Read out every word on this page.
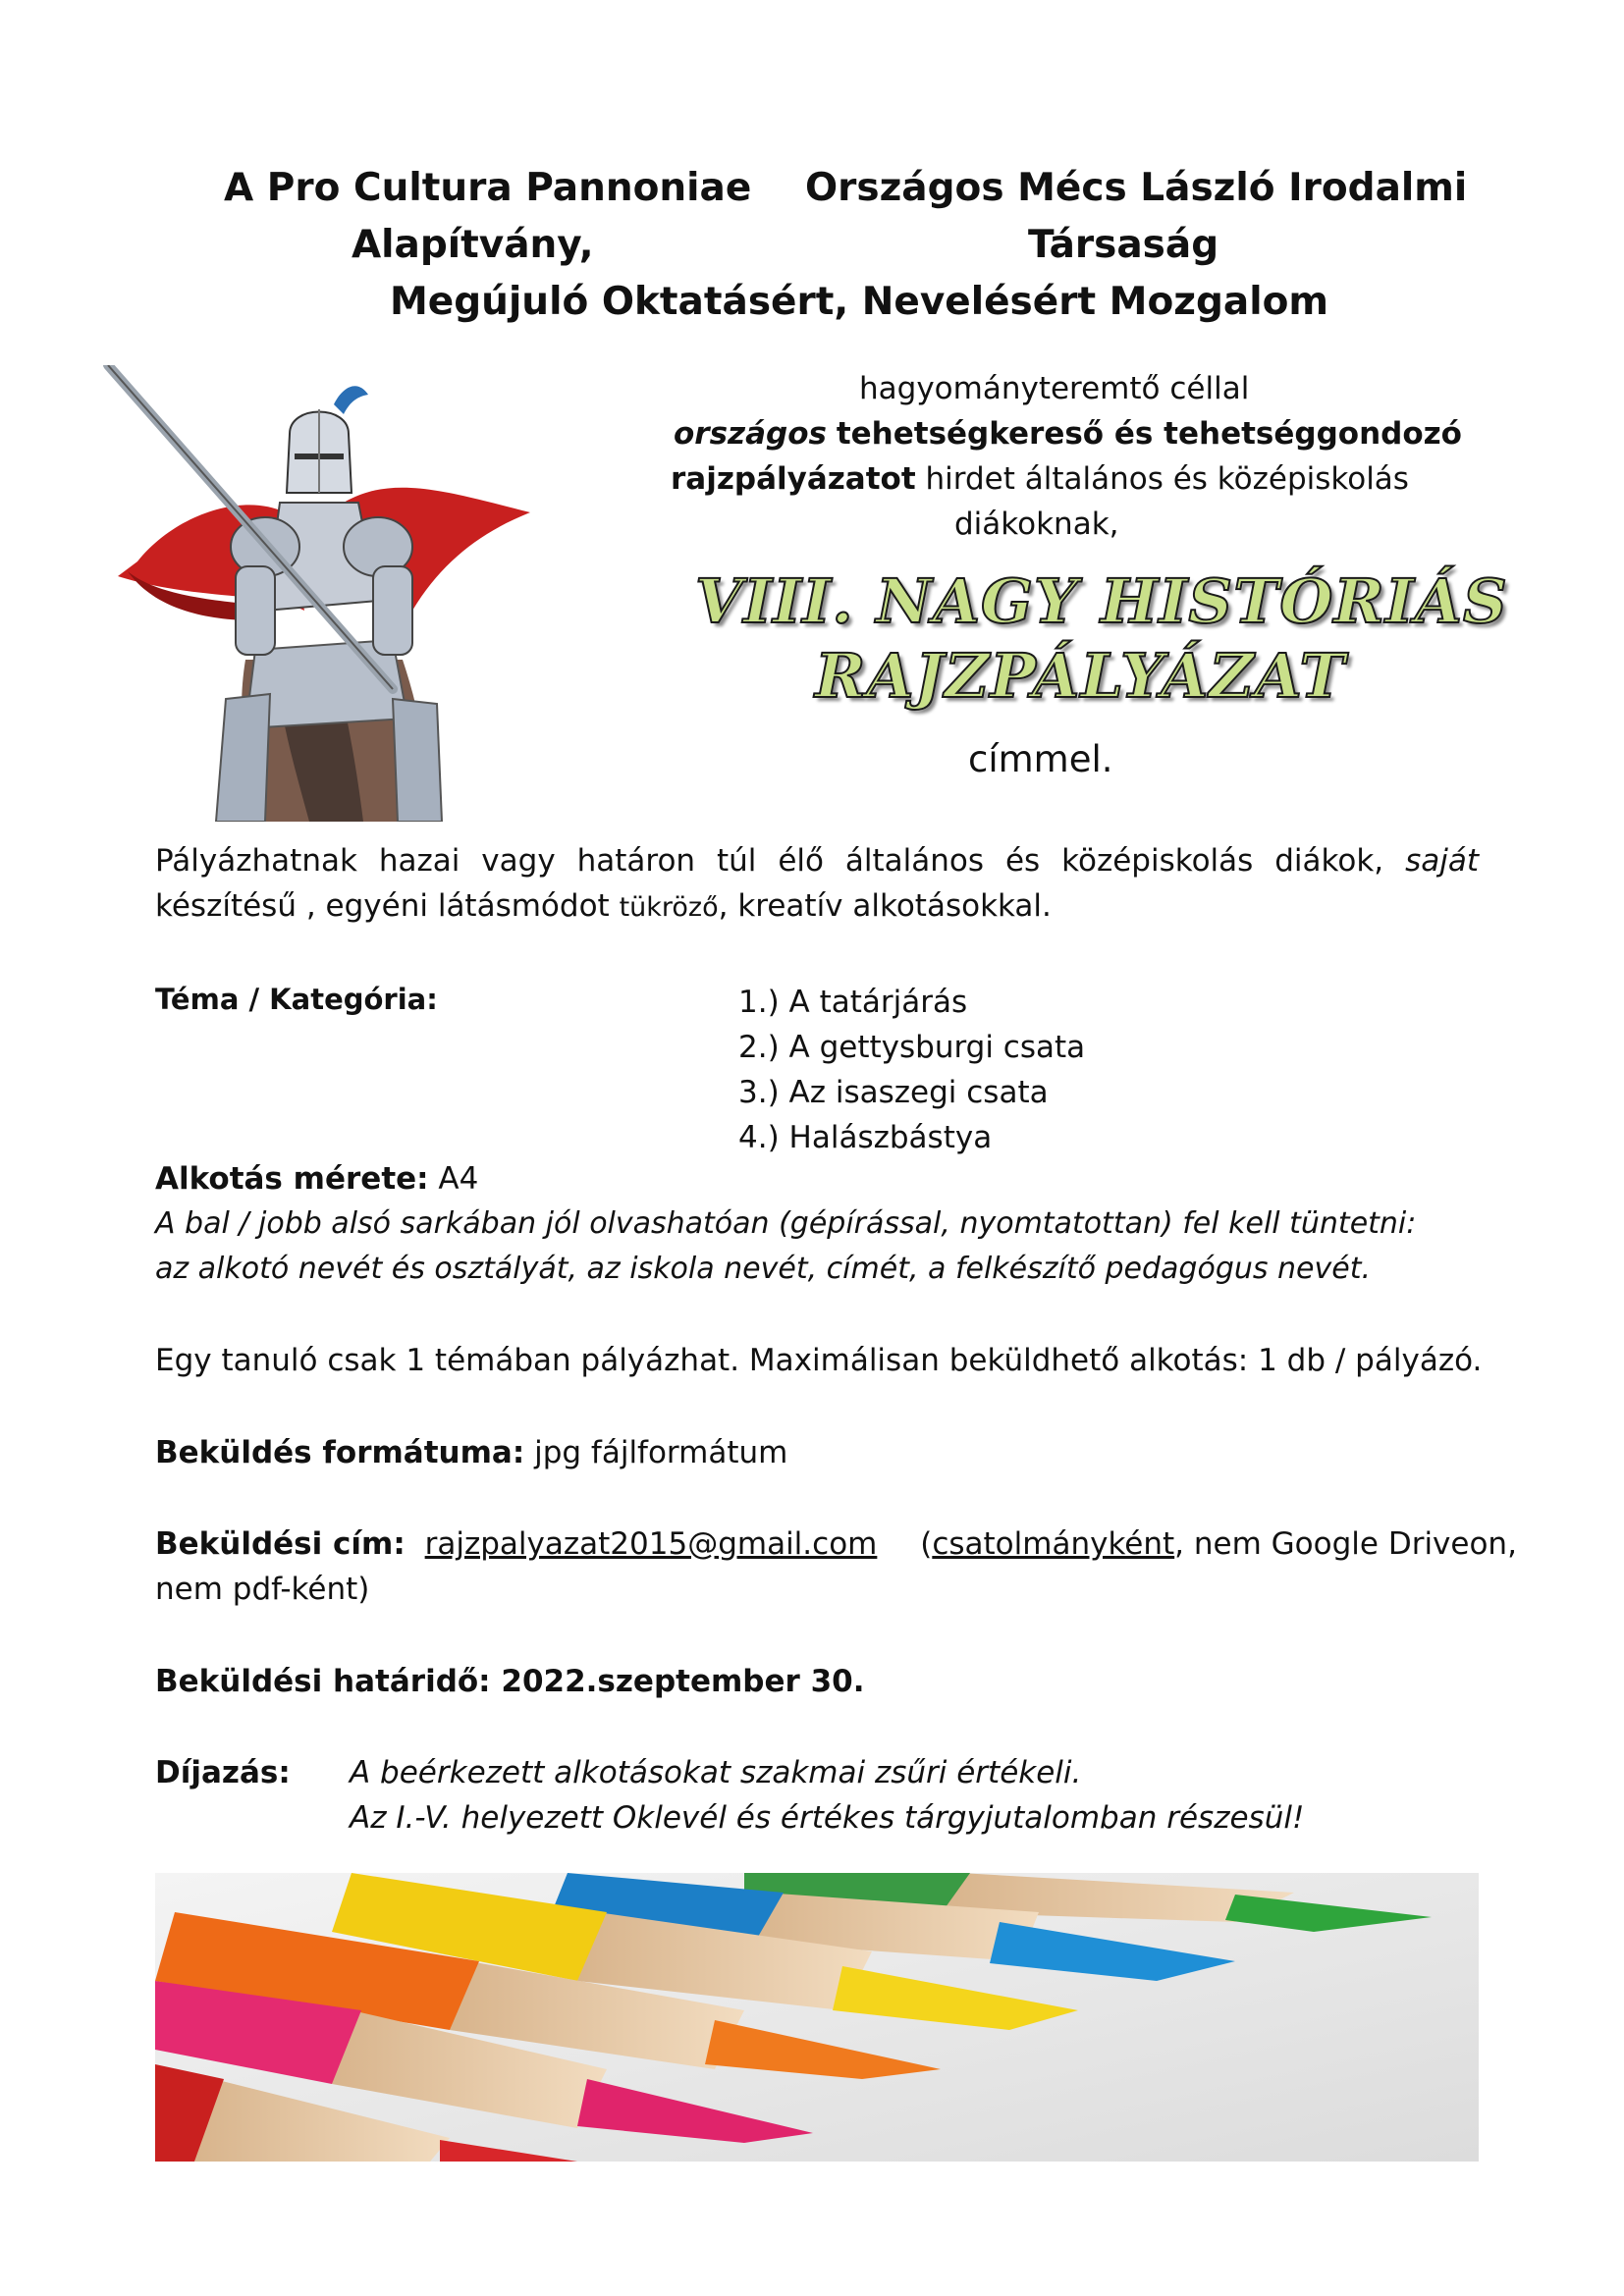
A Pro Cultura Pannoniae
Alapítvány,
Országos Mécs László Irodalmi
Társaság
Megújuló Oktatásért, Nevelésért Mozgalom
hagyományteremtő céllal
országos tehetségkereső és tehetséggondozó
rajzpályázatot hirdet általános és középiskolás
diákoknak,
VIII. NAGY HISTÓRIÁS
RAJZPÁLYÁZAT
címmel.
Pályázhatnak hazai vagy határon túl élő általános és középiskolás diákok, saját készítésű , egyéni látásmódot tükröző, kreatív alkotásokkal.
Téma / Kategória:	1.) A tatárjárás
2.) A gettysburgi csata
3.) Az isaszegi csata
4.) Halászbástya
Alkotás mérete: A4
A bal / jobb alsó sarkában jól olvashatóan (gépírással, nyomtatottan) fel kell tüntetni:
az alkotó nevét és osztályát, az iskola nevét, címét, a felkészítő pedagógus nevét.
Egy tanuló csak 1 témában pályázhat. Maximálisan beküldhető alkotás: 1 db / pályázó.
Beküldés formátuma: jpg fájlformátum
Beküldési cím: rajzpalyazat2015@gmail.com (csatolmányként, nem Google Driveon,
nem pdf-ként)
Beküldési határidő: 2022.szeptember 30.
Díjazás: A beérkezett alkotásokat szakmai zsűri értékeli.
Az I.-V. helyezett Oklevél és értékes tárgyjutalomban részesül!
